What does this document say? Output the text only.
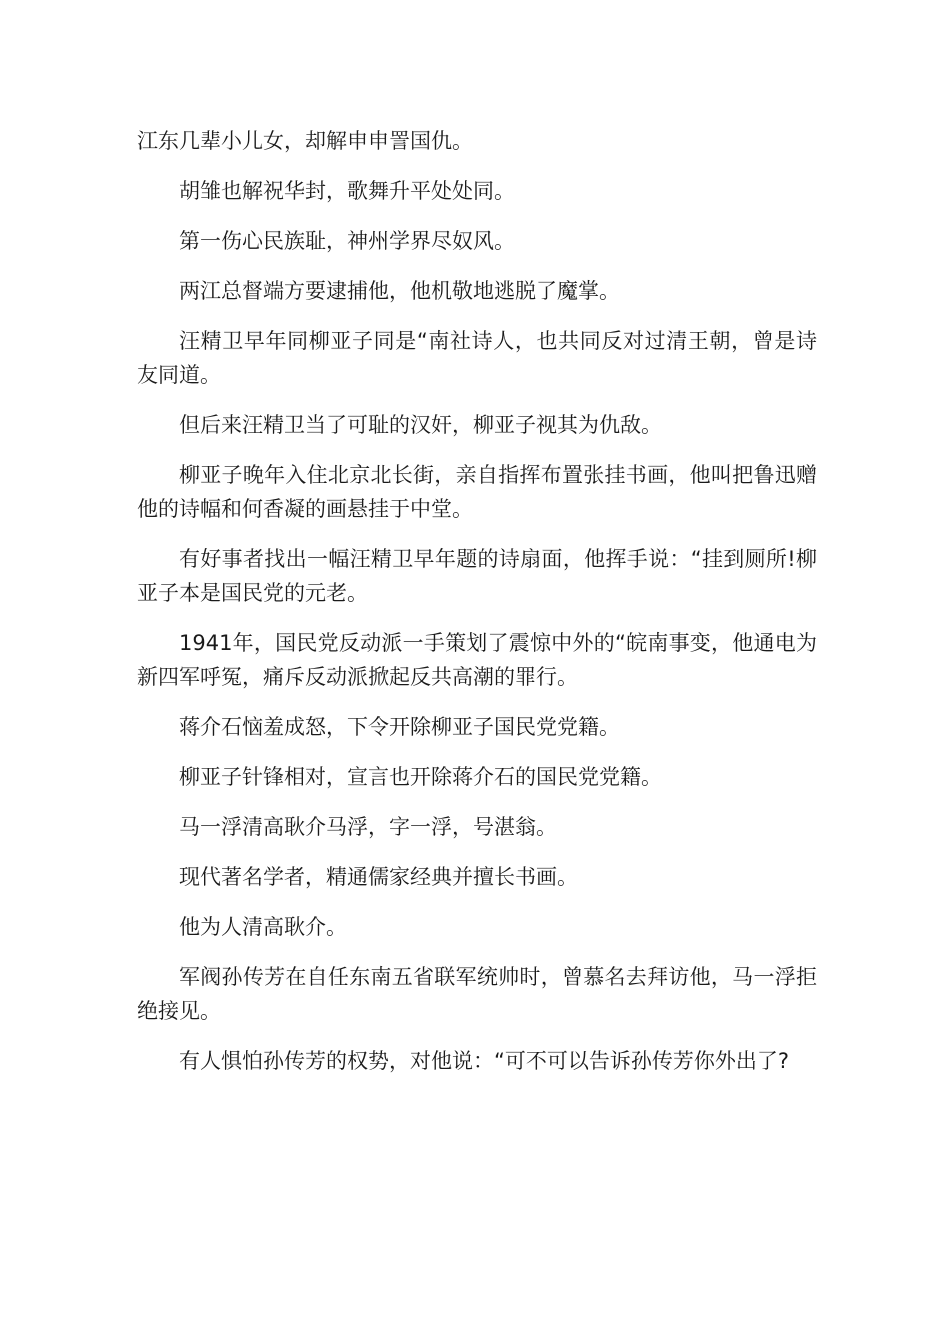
江东几辈小儿女，却解申申詈国仇。

胡雏也解祝华封，歌舞升平处处同。

第一伤心民族耻，神州学界尽奴风。

两江总督端方要逮捕他，他机敬地逃脱了魔掌。

汪精卫早年同柳亚子同是“南社诗人，也共同反对过清王朝，曾是诗友同道。

但后来汪精卫当了可耻的汉奸，柳亚子视其为仇敌。

柳亚子晚年入住北京北长街，亲自指挥布置张挂书画，他叫把鲁迅赠他的诗幅和何香凝的画悬挂于中堂。

有好事者找出一幅汪精卫早年题的诗扇面，他挥手说：“挂到厕所!柳亚子本是国民党的元老。

1941年，国民党反动派一手策划了震惊中外的“皖南事变，他通电为新四军呼冤，痛斥反动派掀起反共高潮的罪行。

蒋介石恼羞成怒，下令开除柳亚子国民党党籍。

柳亚子针锋相对，宣言也开除蒋介石的国民党党籍。

马一浮清高耿介马浮，字一浮，号湛翁。

现代著名学者，精通儒家经典并擅长书画。

他为人清高耿介。

军阀孙传芳在自任东南五省联军统帅时，曾慕名去拜访他，马一浮拒绝接见。

有人惧怕孙传芳的权势，对他说：“可不可以告诉孙传芳你外出了?
